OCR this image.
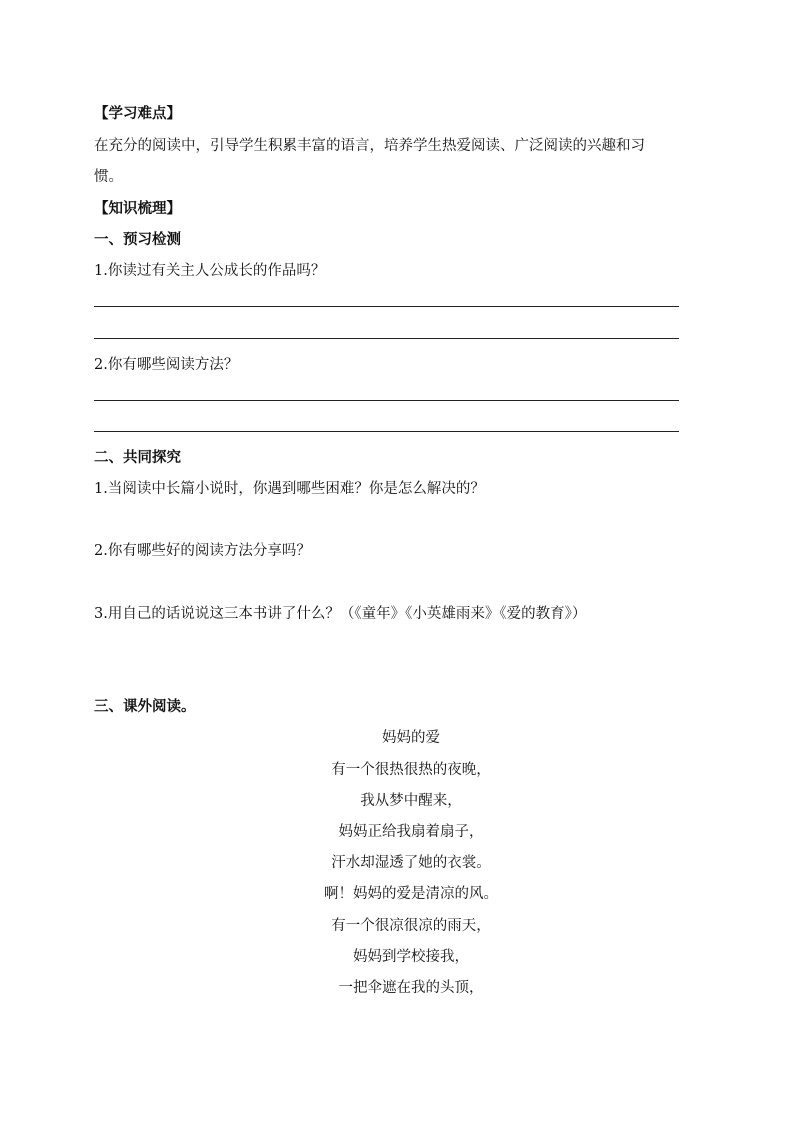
【学习难点】
在充分的阅读中，引导学生积累丰富的语言，培养学生热爱阅读、广泛阅读的兴趣和习
惯。
【知识梳理】
一、预习检测
1.你读过有关主人公成长的作品吗？
2.你有哪些阅读方法？
二、共同探究
1.当阅读中长篇小说时，你遇到哪些困难？你是怎么解决的？
2.你有哪些好的阅读方法分享吗？
3.用自己的话说说这三本书讲了什么？（《童年》《小英雄雨来》《爱的教育》）
三、课外阅读。
妈妈的爱
有一个很热很热的夜晚，
我从梦中醒来，
妈妈正给我扇着扇子，
汗水却湿透了她的衣裳。
啊！妈妈的爱是清凉的风。
有一个很凉很凉的雨天，
妈妈到学校接我，
一把伞遮在我的头顶，
